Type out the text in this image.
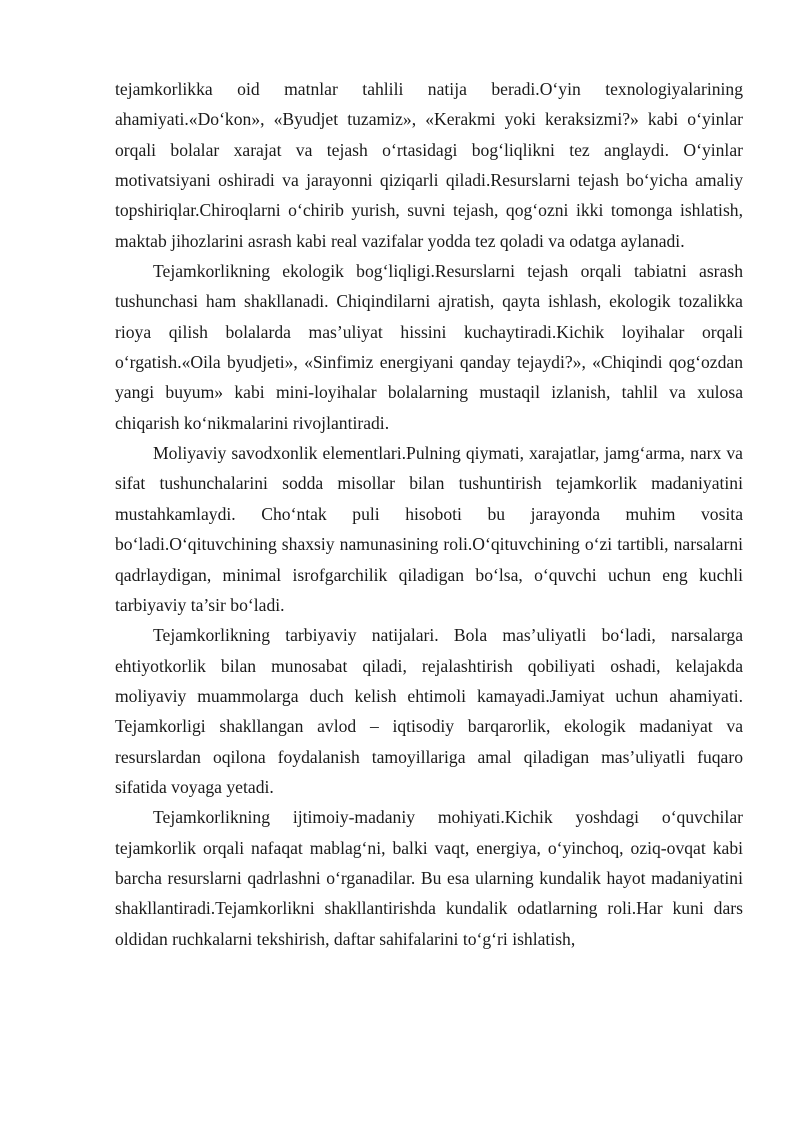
tejamkorlikka oid matnlar tahlili natija beradi.O‘yin texnologiyalarining ahamiyati.«Do‘kon», «Byudjet tuzamiz», «Kerakmi yoki keraksizmi?» kabi o‘yinlar orqali bolalar xarajat va tejash o‘rtasidagi bog‘liqlikni tez anglaydi. O‘yinlar motivatsiyani oshiradi va jarayonni qiziqarli qiladi.Resurslarni tejash bo‘yicha amaliy topshiriqlar.Chiroqlarni o‘chirib yurish, suvni tejash, qog‘ozni ikki tomonga ishlatish, maktab jihozlarini asrash kabi real vazifalar yodda tez qoladi va odatga aylanadi.

Tejamkorlikning ekologik bog‘liqligi.Resurslarni tejash orqali tabiatni asrash tushunchasi ham shakllanadi. Chiqindilarni ajratish, qayta ishlash, ekologik tozalikka rioya qilish bolalarda mas’uliyat hissini kuchaytiradi.Kichik loyihalar orqali o‘rgatish.«Oila byudjeti», «Sinfimiz energiyani qanday tejaydi?», «Chiqindi qog‘ozdan yangi buyum» kabi mini-loyihalar bolalarning mustaqil izlanish, tahlil va xulosa chiqarish ko‘nikmalarini rivojlantiradi.

Moliyaviy savodxonlik elementlari.Pulning qiymati, xarajatlar, jamg‘arma, narx va sifat tushunchalarini sodda misollar bilan tushuntirish tejamkorlik madaniyatini mustahkamlaydi. Cho‘ntak puli hisoboti bu jarayonda muhim vosita bo‘ladi.O‘qituvchining shaxsiy namunasining roli.O‘qituvchining o‘zi tartibli, narsalarni qadrlaydigan, minimal isrofgarchilik qiladigan bo‘lsa, o‘quvchi uchun eng kuchli tarbiyaviy ta’sir bo‘ladi.

Tejamkorlikning tarbiyaviy natijalari. Bola mas’uliyatli bo‘ladi, narsalarga ehtiyotkorlik bilan munosabat qiladi, rejalashtirish qobiliyati oshadi, kelajakda moliyaviy muammolarga duch kelish ehtimoli kamayadi.Jamiyat uchun ahamiyati. Tejamkorligi shakllangan avlod – iqtisodiy barqarorlik, ekologik madaniyat va resurslardan oqilona foydalanish tamoyillariga amal qiladigan mas’uliyatli fuqaro sifatida voyaga yetadi.

Tejamkorlikning ijtimoiy-madaniy mohiyati.Kichik yoshdagi o‘quvchilar tejamkorlik orqali nafaqat mablag‘ni, balki vaqt, energiya, o‘yinchoq, oziq-ovqat kabi barcha resurslarni qadrlashni o‘rganadilar. Bu esa ularning kundalik hayot madaniyatini shakllantiradi.Tejamkorlikni shakllantirishda kundalik odatlarning roli.Har kuni dars oldidan ruchkalarni tekshirish, daftar sahifalarini to‘g‘ri ishlatish,
